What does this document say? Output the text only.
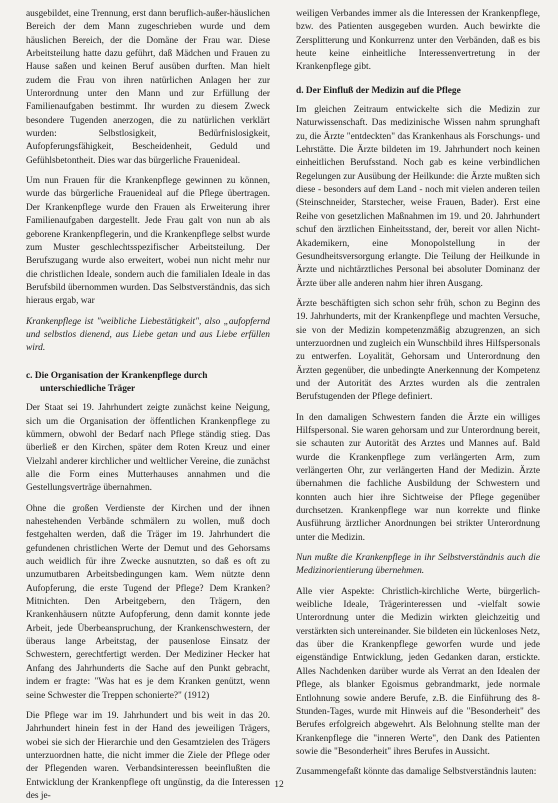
ausgebildet, eine Trennung, erst dann beruflich-außer-häuslichen Bereich der dem Mann zugeschrieben wurde und dem häuslichen Bereich, der die Domäne der Frau war. Diese Arbeitsteilung hatte dazu geführt, daß Mädchen und Frauen zu Hause saßen und keinen Beruf ausüben durften. Man hielt zudem die Frau von ihren natürlichen Anlagen her zur Unterordnung unter den Mann und zur Erfüllung der Familienaufgaben bestimmt. Ihr wurden zu diesem Zweck besondere Tugenden anerzogen, die zu natürlichen verklärt wurden: Selbstlosigkeit, Bedürfnislosigkeit, Aufopferungsfähigkeit, Bescheidenheit, Geduld und Gefühlsbetontheit. Dies war das bürgerliche Frauenideal.

Um nun Frauen für die Krankenpflege gewinnen zu können, wurde das bürgerliche Frauenideal auf die Pflege übertragen. Der Krankenpflege wurde den Frauen als Erweiterung ihrer Familienaufgaben dargestellt. Jede Frau galt von nun ab als geborene Krankenpflegerin, und die Krankenpflege selbst wurde zum Muster geschlechtsspezifischer Arbeitsteilung. Der Berufszugang wurde also erweitert, wobei nun nicht mehr nur die christlichen Ideale, sondern auch die familialen Ideale in das Berufsbild übernommen wurden. Das Selbstverständnis, das sich hieraus ergab, war

Krankenpflege ist "weibliche Liebestätigkeit", also „aufopfernd und selbstlos dienend, aus Liebe getan und aus Liebe erfüllen wird.

c. Die Organisation der Krankenpflege durch unterschiedliche Träger

Der Staat sei 19. Jahrhundert zeigte zunächst keine Neigung, sich um die Organisation der öffentlichen Krankenpflege zu kümmern, obwohl der Bedarf nach Pflege ständig stieg. Das überließ er den Kirchen, später dem Roten Kreuz und einer Vielzahl anderer kirchlicher und weltlicher Vereine, die zunächst alle die Form eines Mutterhauses annahmen und die Gestellungsverträge übernahmen.

Ohne die großen Verdienste der Kirchen und der ihnen nahestehenden Verbände schmälern zu wollen, muß doch festgehalten werden, daß die Träger im 19. Jahrhundert die gefundenen christlichen Werte der Demut und des Gehorsams auch weidlich für ihre Zwecke ausnutzten, so daß es oft zu unzumutbaren Arbeitsbedingungen kam. Wem nützte denn Aufopferung, die erste Tugend der Pflege? Dem Kranken? Mitnichten. Den Arbeitgebern, den Trägern, den Krankenhäusern nützte Aufopferung, denn damit konnte jede Arbeit, jede Überbeanspruchung, der Krankenschwestern, der überaus lange Arbeitstag, der pausenlose Einsatz der Schwestern, gerechtfertigt werden. Der Mediziner Hecker hat Anfang des Jahrhunderts die Sache auf den Punkt gebracht, indem er fragte: "Was hat es je dem Kranken genützt, wenn seine Schwester die Treppen schonierte?" (1912)

Die Pflege war im 19. Jahrhundert und bis weit in das 20. Jahrhundert hinein fest in der Hand des jeweiligen Trägers, wobei sie sich der Hierarchie und den Gesamtzielen des Trägers unterzuordnen hatte, die nicht immer die Ziele der Pflege oder der Pflegenden waren. Verbandsinteressen beeinflußten die Entwicklung der Krankenpflege oft ungünstig, da die Interessen des je-

weiligen Verbandes immer als die Interessen der Krankenpflege, bzw. des Patienten ausgegeben wurden. Auch bewirkte die Zersplitterung und Konkurrenz unter den Verbänden, daß es bis heute keine einheitliche Interessenvertretung in der Krankenpflege gibt.

d. Der Einfluß der Medizin auf die Pflege

Im gleichen Zeitraum entwickelte sich die Medizin zur Naturwissenschaft. Das medizinische Wissen nahm sprunghaft zu, die Ärzte "entdeckten" das Krankenhaus als Forschungs- und Lehrstätte. Die Ärzte bildeten im 19. Jahrhundert noch keinen einheitlichen Berufsstand. Noch gab es keine verbindlichen Regelungen zur Ausübung der Heilkunde: die Ärzte mußten sich diese - besonders auf dem Land - noch mit vielen anderen teilen (Steinschneider, Starstecher, weise Frauen, Bader). Erst eine Reihe von gesetzlichen Maßnahmen im 19. und 20. Jahrhundert schuf den ärztlichen Einheitsstand, der, bereit vor allen Nicht-Akademikern, eine Monopolstellung in der Gesundheitsversorgung erlangte. Die Teilung der Heilkunde in Ärzte und nichtärztliches Personal bei absoluter Dominanz der Ärzte über alle anderen nahm hier ihren Ausgang.

Ärzte beschäftigten sich schon sehr früh, schon zu Beginn des 19. Jahrhunderts, mit der Krankenpflege und machten Versuche, sie von der Medizin kompetenzmäßig abzugrenzen, an sich unterzuordnen und zugleich ein Wunschbild ihres Hilfspersonals zu entwerfen. Loyalität, Gehorsam und Unterordnung den Ärzten gegenüber, die unbedingte Anerkennung der Kompetenz und der Autorität des Arztes wurden als die zentralen Berufstugenden der Pflege definiert.

In den damaligen Schwestern fanden die Ärzte ein williges Hilfspersonal. Sie waren gehorsam und zur Unterordnung bereit, sie schauten zur Autorität des Arztes und Mannes auf. Bald wurde die Krankenpflege zum verlängerten Arm, zum verlängerten Ohr, zur verlängerten Hand der Medizin. Ärzte übernahmen die fachliche Ausbildung der Schwestern und konnten auch hier ihre Sichtweise der Pflege gegenüber durchsetzen. Krankenpflege war nun korrekte und flinke Ausführung ärztlicher Anordnungen bei strikter Unterordnung unter die Medizin.

Nun mußte die Krankenpflege in ihr Selbstverständnis auch die Medizinorientierung übernehmen.

Alle vier Aspekte: Christlich-kirchliche Werte, bürgerlich-weibliche Ideale, Trägerinteressen und -vielfalt sowie Unterordnung unter die Medizin wirkten gleichzeitig und verstärkten sich untereinander. Sie bildeten ein lückenloses Netz, das über die Krankenpflege geworfen wurde und jede eigenständige Entwicklung, jeden Gedanken daran, erstickte. Alles Nachdenken darüber wurde als Verrat an den Idealen der Pflege, als blanker Egoismus gebrandmarkt, jede normale Entlohnung sowie andere Berufe, z.B. die Einführung des 8-Stunden-Tages, wurde mit Hinweis auf die "Besonderheit" des Berufes erfolgreich abgewehrt. Als Belohnung stellte man der Krankenpflege die "inneren Werte", den Dank des Patienten sowie die "Besonderheit" ihres Berufes in Aussicht.

Zusammengefaßt könnte das damalige Selbstverständnis lauten:

12
